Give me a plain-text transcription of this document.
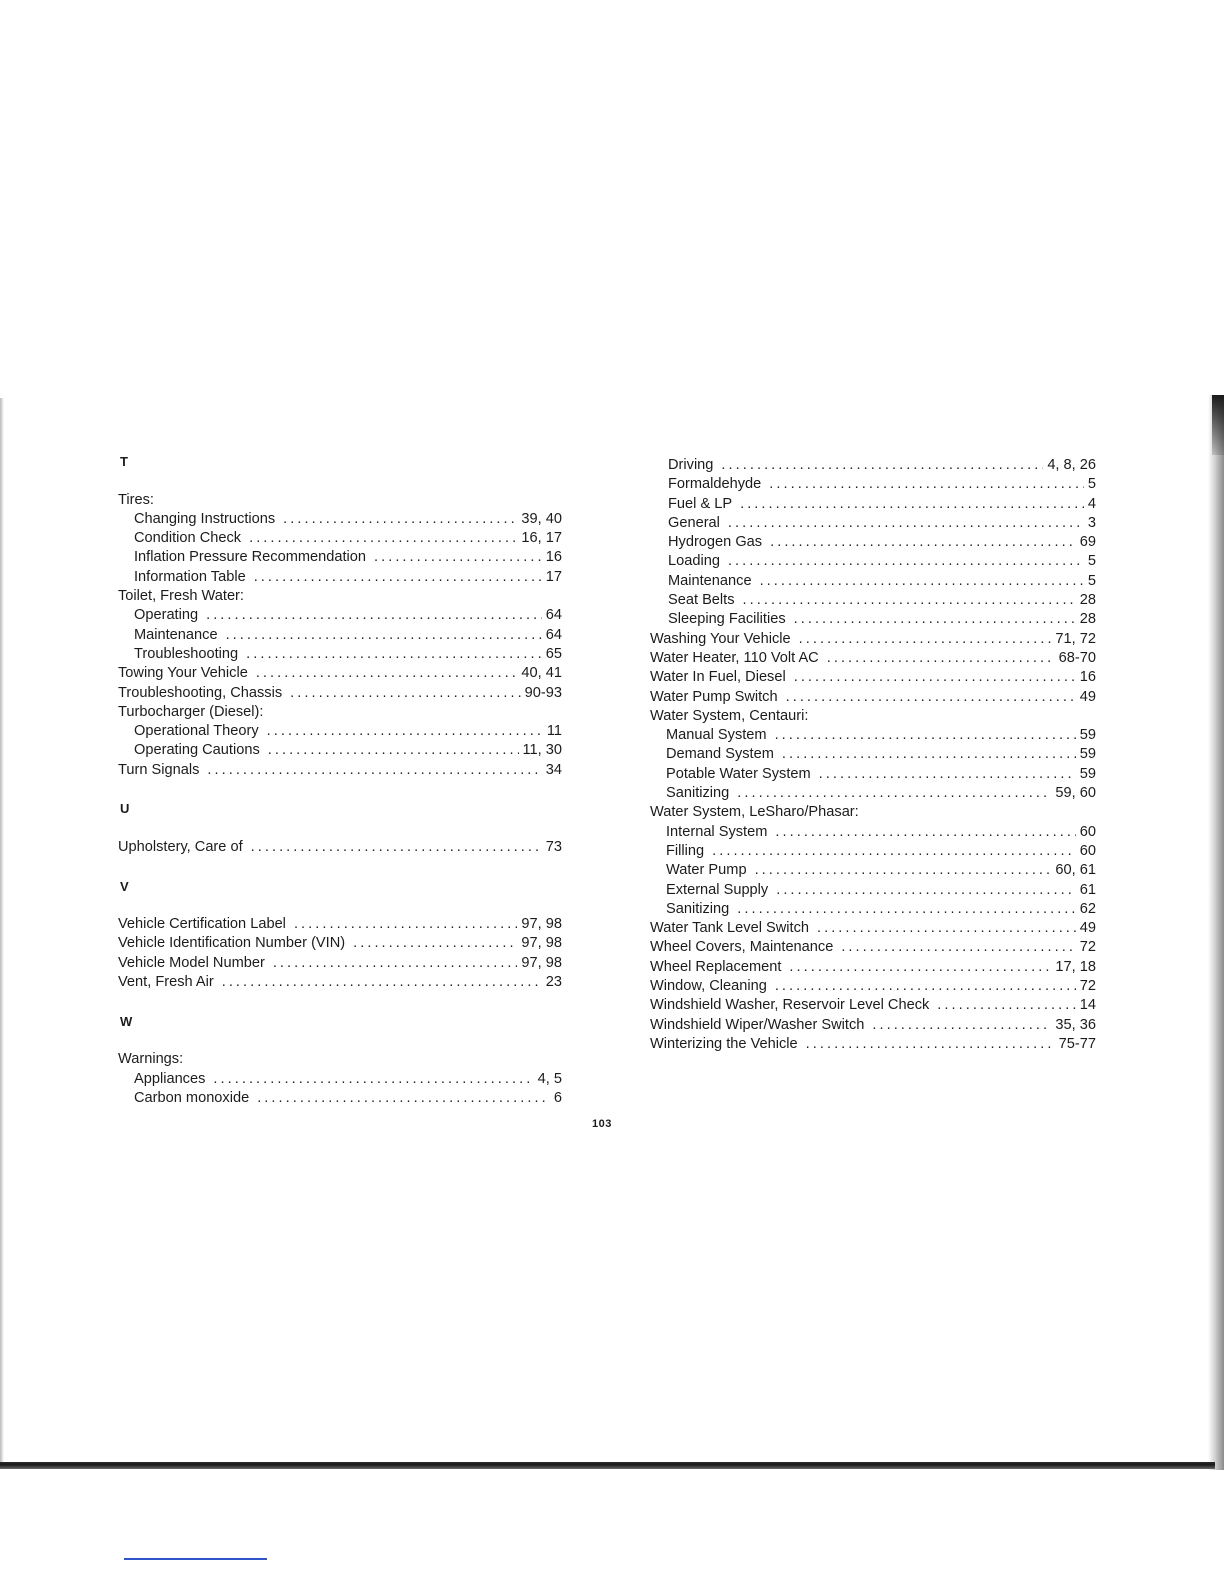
T
Tires:
Changing Instructions . . .	39, 40
Condition Check . . .	16, 17
Inflation Pressure Recommendation . . .	16
Information Table . . .	17
Toilet, Fresh Water:
Operating . . .	64
Maintenance . . .	64
Troubleshooting . . .	65
Towing Your Vehicle . . .	40, 41
Troubleshooting, Chassis . . .	90-93
Turbocharger (Diesel):
Operational Theory . . .	11
Operating Cautions . . .	11, 30
Turn Signals . . .	34
U
Upholstery, Care of . . .	73
V
Vehicle Certification Label . . .	97, 98
Vehicle Identification Number (VIN) . . .	97, 98
Vehicle Model Number . . .	97, 98
Vent, Fresh Air . . .	23
W
Warnings:
Appliances . . .	4, 5
Carbon monoxide . . .	6
Driving . . .	4, 8, 26
Formaldehyde . . .	5
Fuel & LP . . .	4
General . . .	3
Hydrogen Gas . . .	69
Loading . . .	5
Maintenance . . .	5
Seat Belts . . .	28
Sleeping Facilities . . .	28
Washing Your Vehicle . . .	71, 72
Water Heater, 110 Volt AC . . .	68-70
Water In Fuel, Diesel . . .	16
Water Pump Switch . . .	49
Water System, Centauri:
Manual System . . .	59
Demand System . . .	59
Potable Water System . . .	59
Sanitizing . . .	59, 60
Water System, LeSharo/Phasar:
Internal System . . .	60
Filling . . .	60
Water Pump . . .	60, 61
External Supply . . .	61
Sanitizing . . .	62
Water Tank Level Switch . . .	49
Wheel Covers, Maintenance . . .	72
Wheel Replacement . . .	17, 18
Window, Cleaning . . .	72
Windshield Washer, Reservoir Level Check . . .	14
Windshield Wiper/Washer Switch . . .	35, 36
Winterizing the Vehicle . . .	75-77
103
